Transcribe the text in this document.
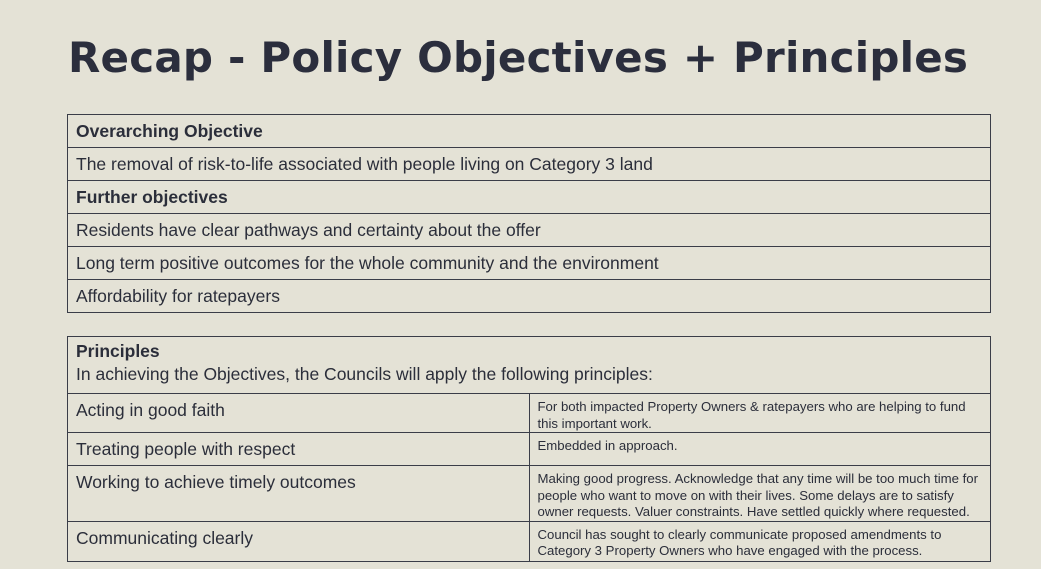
Recap - Policy Objectives + Principles
Overarching Objective
The removal of risk-to-life associated with people living on Category 3 land
Further objectives
Residents have clear pathways and certainty about the offer
Long term positive outcomes for the whole community and the environment
Affordability for ratepayers
Principles
In achieving the Objectives, the Councils will apply the following principles:	

Acting in good faith	For both impacted Property Owners & ratepayers who are helping to fund this important work.
Treating people with respect	Embedded in approach.
Working to achieve timely outcomes	Making good progress. Acknowledge that any time will be too much time for people who want to move on with their lives. Some delays are to satisfy owner requests. Valuer constraints. Have settled quickly where requested.
Communicating clearly	Council has sought to clearly communicate proposed amendments to Category 3 Property Owners who have engaged with the process.
